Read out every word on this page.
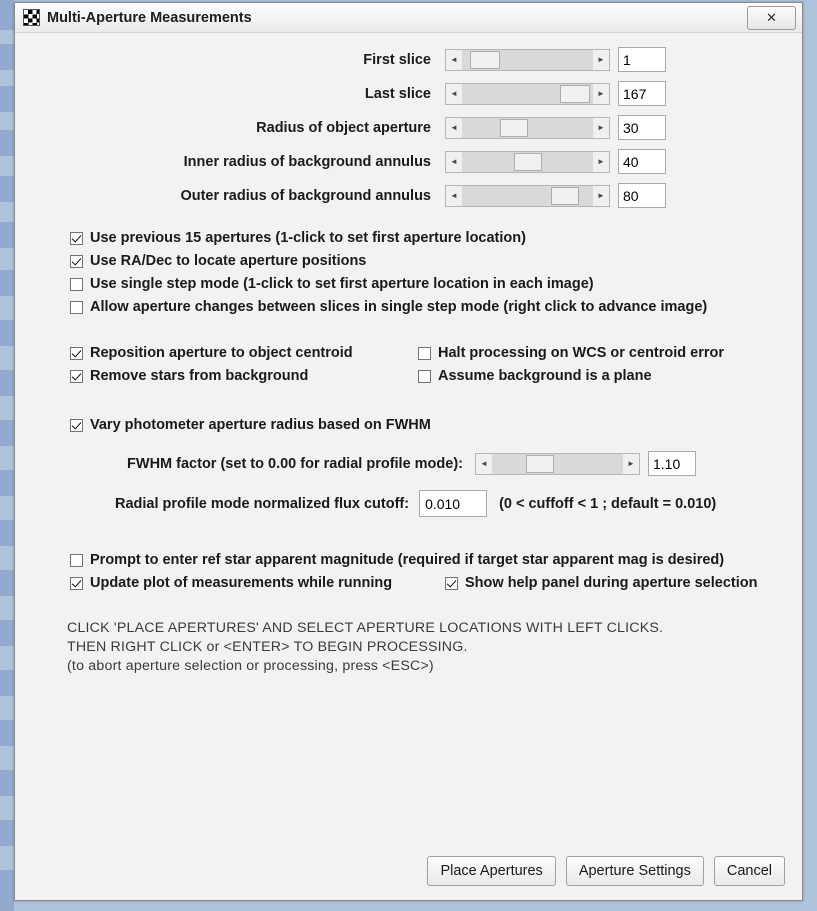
Multi-Aperture Measurements	✕
First slice	◄	►	1
Last slice	◄	►	167
Radius of object aperture	◄	►	30
Inner radius of background annulus	◄	►	40
Outer radius of background annulus	◄	►	80
Use previous 15 apertures (1-click to set first aperture location)
Use RA/Dec to locate aperture positions
Use single step mode (1-click to set first aperture location in each image)
Allow aperture changes between slices in single step mode (right click to advance image)
Reposition aperture to object centroid	Halt processing on WCS or centroid error
Remove stars from background	Assume background is a plane
Vary photometer aperture radius based on FWHM
FWHM factor (set to 0.00 for radial profile mode):	◄	►	1.10
Radial profile mode normalized flux cutoff:	0.010	(0 < cuffoff < 1 ; default = 0.010)
Prompt to enter ref star apparent magnitude (required if target star apparent mag is desired)
Update plot of measurements while running	Show help panel during aperture selection
CLICK 'PLACE APERTURES' AND SELECT APERTURE LOCATIONS WITH LEFT CLICKS.
THEN RIGHT CLICK or <ENTER> TO BEGIN PROCESSING.
(to abort aperture selection or processing, press <ESC>)
Place Apertures	Aperture Settings	Cancel
